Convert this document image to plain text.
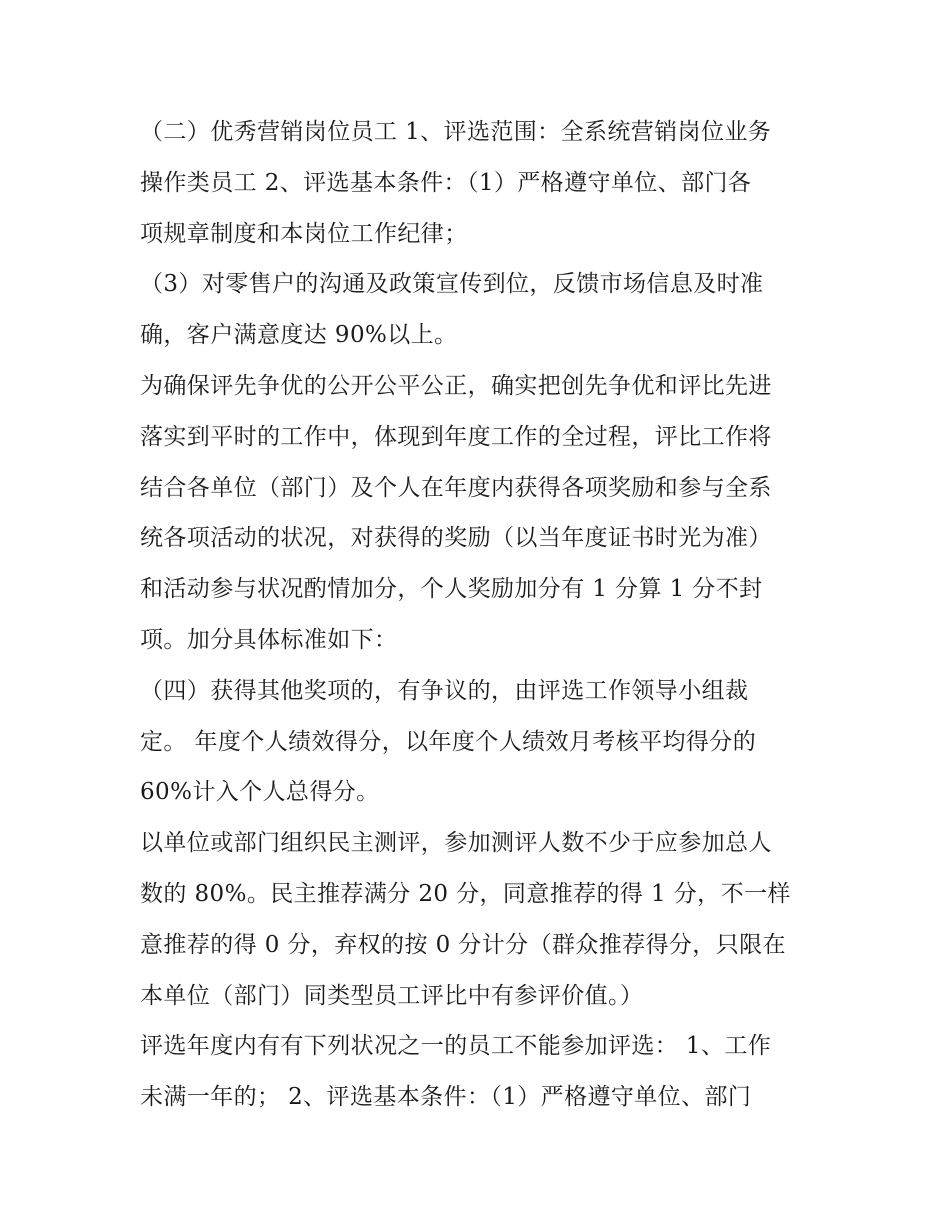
（二）优秀营销岗位员工 1、评选范围：全系统营销岗位业务
操作类员工 2、评选基本条件：（1）严格遵守单位、部门各
项规章制度和本岗位工作纪律；

（3）对零售户的沟通及政策宣传到位，反馈市场信息及时准
确，客户满意度达 90%以上。

为确保评先争优的公开公平公正，确实把创先争优和评比先进
落实到平时的工作中，体现到年度工作的全过程，评比工作将
结合各单位（部门）及个人在年度内获得各项奖励和参与全系
统各项活动的状况，对获得的奖励（以当年度证书时光为准）
和活动参与状况酌情加分，个人奖励加分有 1 分算 1 分不封
项。加分具体标准如下：

（四）获得其他奖项的，有争议的，由评选工作领导小组裁
定。 年度个人绩效得分，以年度个人绩效月考核平均得分的
60%计入个人总得分。

以单位或部门组织民主测评，参加测评人数不少于应参加总人
数的 80%。民主推荐满分 20 分，同意推荐的得 1 分，不一样
意推荐的得 0 分，弃权的按 0 分计分（群众推荐得分，只限在
本单位（部门）同类型员工评比中有参评价值。）

评选年度内有有下列状况之一的员工不能参加评选： 1、工作
未满一年的； 2、评选基本条件：（1）严格遵守单位、部门
